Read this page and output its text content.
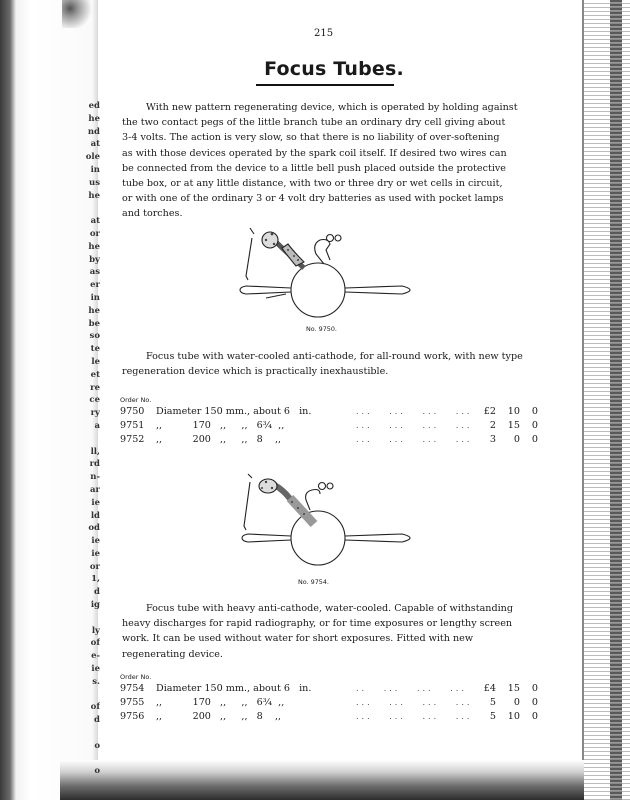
ed
he
nd
at
ole
in
us
he
at
or
he
by
as
er
in
he
be
so
te
le
et
re
ce
ry
a
ll,
rd
n-
ar
ie
ld
od
ie
ie
or
1,
d
ig
ly
of
e-
ie
s.
of
d
o
o
215
Focus Tubes.
With new pattern regenerating device, which is operated by holding against
the two contact pegs of the little branch tube an ordinary dry cell giving about
3-4 volts. The action is very slow, so that there is no liability of over-softening
as with those devices operated by the spark coil itself. If desired two wires can
be connected from the device to a little bell push placed outside the protective
tube box, or at any little distance, with two or three dry or wet cells in circuit,
or with one of the ordinary 3 or 4 volt dry batteries as used with pocket lamps
and torches.
No. 9750.
Focus tube with water-cooled anti-cathode, for all-round work, with new type
regeneration device which is practically inexhaustible.
Order No.
9750 Diameter 150 mm., about 6   in.	...   ...   ...   ...	£2	10	0
9751 ,,          170   ,,     ,,   6¾  ,,	...   ...   ...   ...	2	15	0
9752 ,,          200   ,,     ,,   8    ,,	...   ...   ...   ...	3	0	0
No. 9754.
Focus tube with heavy anti-cathode, water-cooled. Capable of withstanding
heavy discharges for rapid radiography, or for time exposures or lengthy screen
work. It can be used without water for short exposures. Fitted with new
regenerating device.
Order No.
9754 Diameter 150 mm., about 6   in.	..   ...   ...   ...	£4	15	0
9755 ,,          170   ,,     ,,   6¾  ,,	...   ...   ...   ...	5	0	0
9756 ,,          200   ,,     ,,   8    ,,	...   ...   ...   ...	5	10	0
